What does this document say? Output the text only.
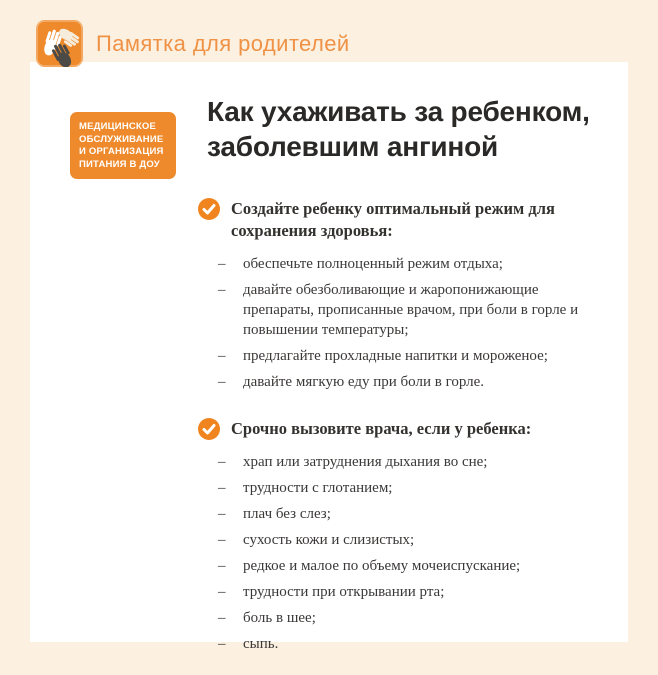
Памятка для родителей
МЕДИЦИНСКОЕ
ОБСЛУЖИВАНИЕ
И ОРГАНИЗАЦИЯ
ПИТАНИЯ В ДОУ
Как ухаживать за ребенком,
заболевшим ангиной
Создайте ребенку оптимальный режим для
сохранения здоровья:
– обеспечьте полноценный режим отдыха;
– давайте обезболивающие и жаропонижающие препараты, прописанные врачом, при боли в горле и повышении температуры;
– предлагайте прохладные напитки и мороженое;
– давайте мягкую еду при боли в горле.
Срочно вызовите врача, если у ребенка:
– храп или затруднения дыхания во сне;
– трудности с глотанием;
– плач без слез;
– сухость кожи и слизистых;
– редкое и малое по объему мочеиспускание;
– трудности при открывании рта;
– боль в шее;
– сыпь.
